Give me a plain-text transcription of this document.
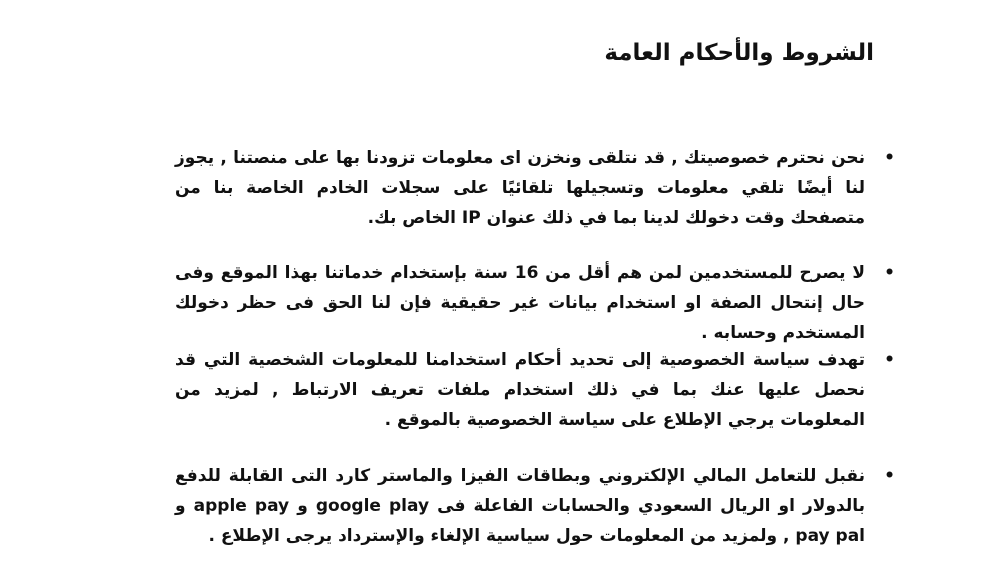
الشروط والأحكام العامة
•
نحن نحترم خصوصيتك , قد نتلقى ونخزن اى معلومات تزودنا بها على منصتنا , يجوز لنا أيضًا تلقي معلومات وتسجيلها تلقائيًا على سجلات الخادم الخاصة بنا من متصفحك وقت دخولك لدينا بما في ذلك عنوان IP الخاص بك.
•
لا يصرح للمستخدمين لمن هم أقل من 16 سنة بإستخدام خدماتنا بهذا الموقع وفى حال إنتحال الصفة او استخدام بيانات غير حقيقية فإن لنا الحق فى حظر دخولك المستخدم وحسابه .
•
تهدف سياسة الخصوصية إلى تحديد أحكام استخدامنا للمعلومات الشخصية التي قد نحصل عليها عنك بما في ذلك استخدام ملفات تعريف الارتباط , لمزيد من المعلومات يرجي الإطلاع على سياسة الخصوصية بالموقع .
•
نقبل للتعامل المالي الإلكتروني وبطاقات الفيزا والماستر كارد التى القابلة للدفع بالدولار او الريال السعودي والحسابات الفاعلة فى google play و apple pay و pay pal , ولمزيد من المعلومات حول سياسية الإلغاء والإسترداد يرجى الإطلاع .
